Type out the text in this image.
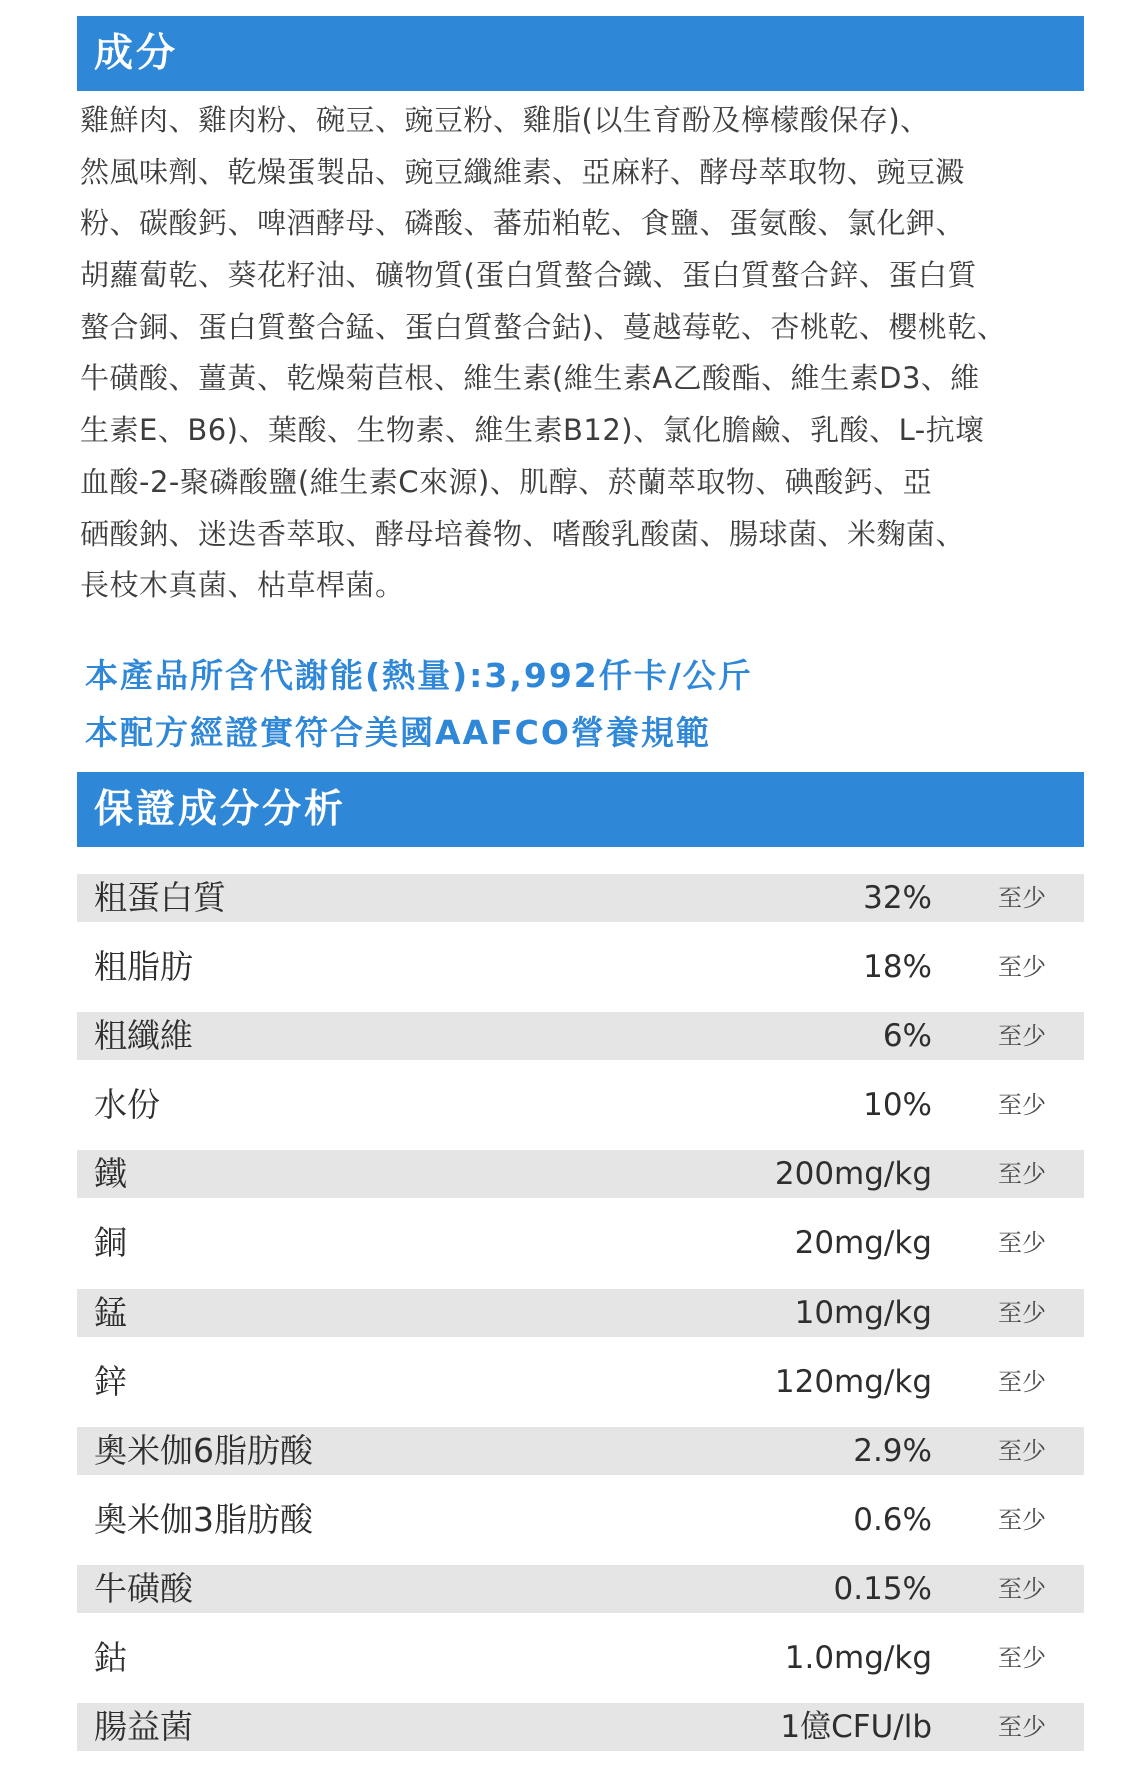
成分
雞鮮肉、雞肉粉、碗豆、豌豆粉、雞脂(以生育酚及檸檬酸保存)、
然風味劑、乾燥蛋製品、豌豆纖維素、亞麻籽、酵母萃取物、豌豆澱
粉、碳酸鈣、啤酒酵母、磷酸、蕃茄粕乾、食鹽、蛋氨酸、氯化鉀、
胡蘿蔔乾、葵花籽油、礦物質(蛋白質螯合鐵、蛋白質螯合鋅、蛋白質
螯合銅、蛋白質螯合錳、蛋白質螯合鈷)、蔓越莓乾、杏桃乾、櫻桃乾、
牛磺酸、薑黃、乾燥菊苣根、維生素(維生素A乙酸酯、維生素D3、維
生素E、B6)、葉酸、生物素、維生素B12)、氯化膽鹼、乳酸、L-抗壞
血酸-2-聚磷酸鹽(維生素C來源)、肌醇、菸蘭萃取物、碘酸鈣、亞
硒酸鈉、迷迭香萃取、酵母培養物、嗜酸乳酸菌、腸球菌、米麴菌、
長枝木真菌、枯草桿菌。
本產品所含代謝能(熱量):3,992仟卡/公斤
本配方經證實符合美國AAFCO營養規範
保證成分分析
粗蛋白質	32%	至少
粗脂肪	18%	至少
粗纖維	6%	至少
水份	10%	至少
鐵	200mg/kg	至少
銅	20mg/kg	至少
錳	10mg/kg	至少
鋅	120mg/kg	至少
奧米伽6脂肪酸	2.9%	至少
奧米伽3脂肪酸	0.6%	至少
牛磺酸	0.15%	至少
鈷	1.0mg/kg	至少
腸益菌	1億CFU/lb	至少
